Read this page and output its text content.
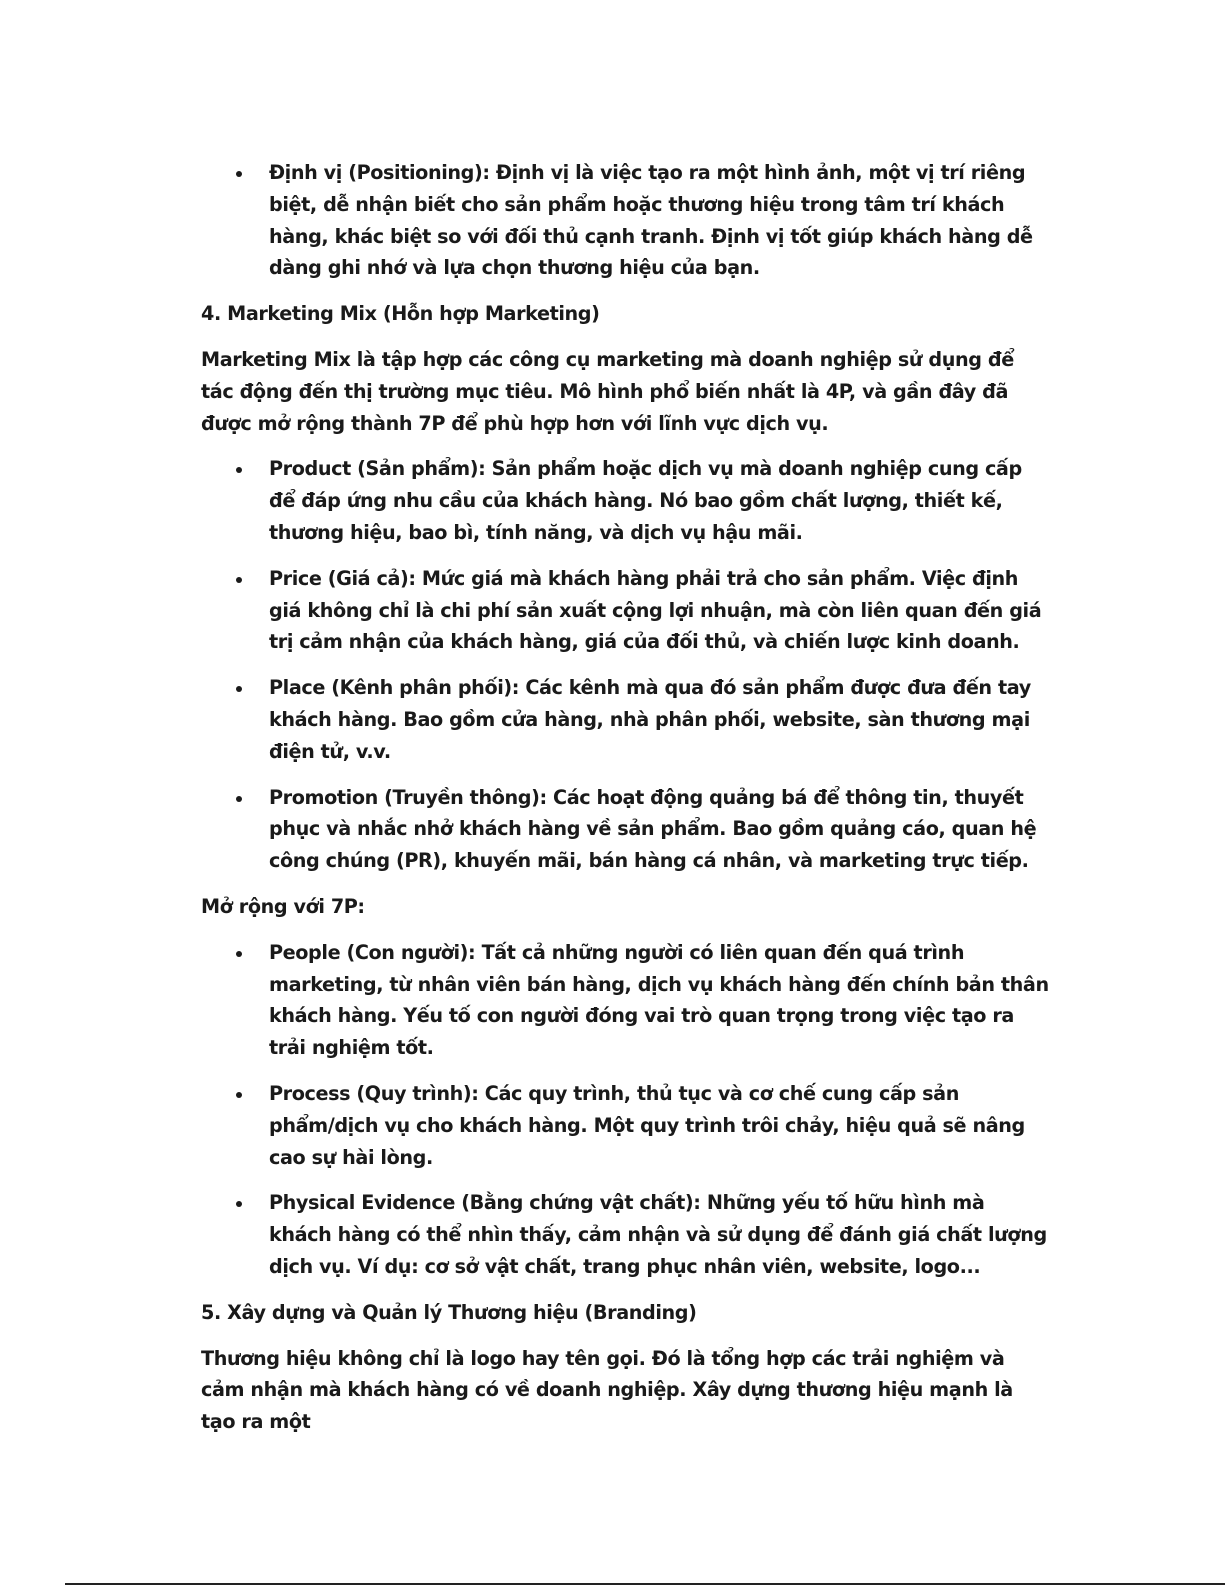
Định vị (Positioning): Định vị là việc tạo ra một hình ảnh, một vị trí riêng biệt, dễ nhận biết cho sản phẩm hoặc thương hiệu trong tâm trí khách hàng, khác biệt so với đối thủ cạnh tranh. Định vị tốt giúp khách hàng dễ dàng ghi nhớ và lựa chọn thương hiệu của bạn.

4. Marketing Mix (Hỗn hợp Marketing)

Marketing Mix là tập hợp các công cụ marketing mà doanh nghiệp sử dụng để tác động đến thị trường mục tiêu. Mô hình phổ biến nhất là 4P, và gần đây đã được mở rộng thành 7P để phù hợp hơn với lĩnh vực dịch vụ.

Product (Sản phẩm): Sản phẩm hoặc dịch vụ mà doanh nghiệp cung cấp để đáp ứng nhu cầu của khách hàng. Nó bao gồm chất lượng, thiết kế, thương hiệu, bao bì, tính năng, và dịch vụ hậu mãi.
Price (Giá cả): Mức giá mà khách hàng phải trả cho sản phẩm. Việc định giá không chỉ là chi phí sản xuất cộng lợi nhuận, mà còn liên quan đến giá trị cảm nhận của khách hàng, giá của đối thủ, và chiến lược kinh doanh.
Place (Kênh phân phối): Các kênh mà qua đó sản phẩm được đưa đến tay khách hàng. Bao gồm cửa hàng, nhà phân phối, website, sàn thương mại điện tử, v.v.
Promotion (Truyền thông): Các hoạt động quảng bá để thông tin, thuyết phục và nhắc nhở khách hàng về sản phẩm. Bao gồm quảng cáo, quan hệ công chúng (PR), khuyến mãi, bán hàng cá nhân, và marketing trực tiếp.

Mở rộng với 7P:

People (Con người): Tất cả những người có liên quan đến quá trình marketing, từ nhân viên bán hàng, dịch vụ khách hàng đến chính bản thân khách hàng. Yếu tố con người đóng vai trò quan trọng trong việc tạo ra trải nghiệm tốt.
Process (Quy trình): Các quy trình, thủ tục và cơ chế cung cấp sản phẩm/dịch vụ cho khách hàng. Một quy trình trôi chảy, hiệu quả sẽ nâng cao sự hài lòng.
Physical Evidence (Bằng chứng vật chất): Những yếu tố hữu hình mà khách hàng có thể nhìn thấy, cảm nhận và sử dụng để đánh giá chất lượng dịch vụ. Ví dụ: cơ sở vật chất, trang phục nhân viên, website, logo...

5. Xây dựng và Quản lý Thương hiệu (Branding)

Thương hiệu không chỉ là logo hay tên gọi. Đó là tổng hợp các trải nghiệm và cảm nhận mà khách hàng có về doanh nghiệp. Xây dựng thương hiệu mạnh là tạo ra một
